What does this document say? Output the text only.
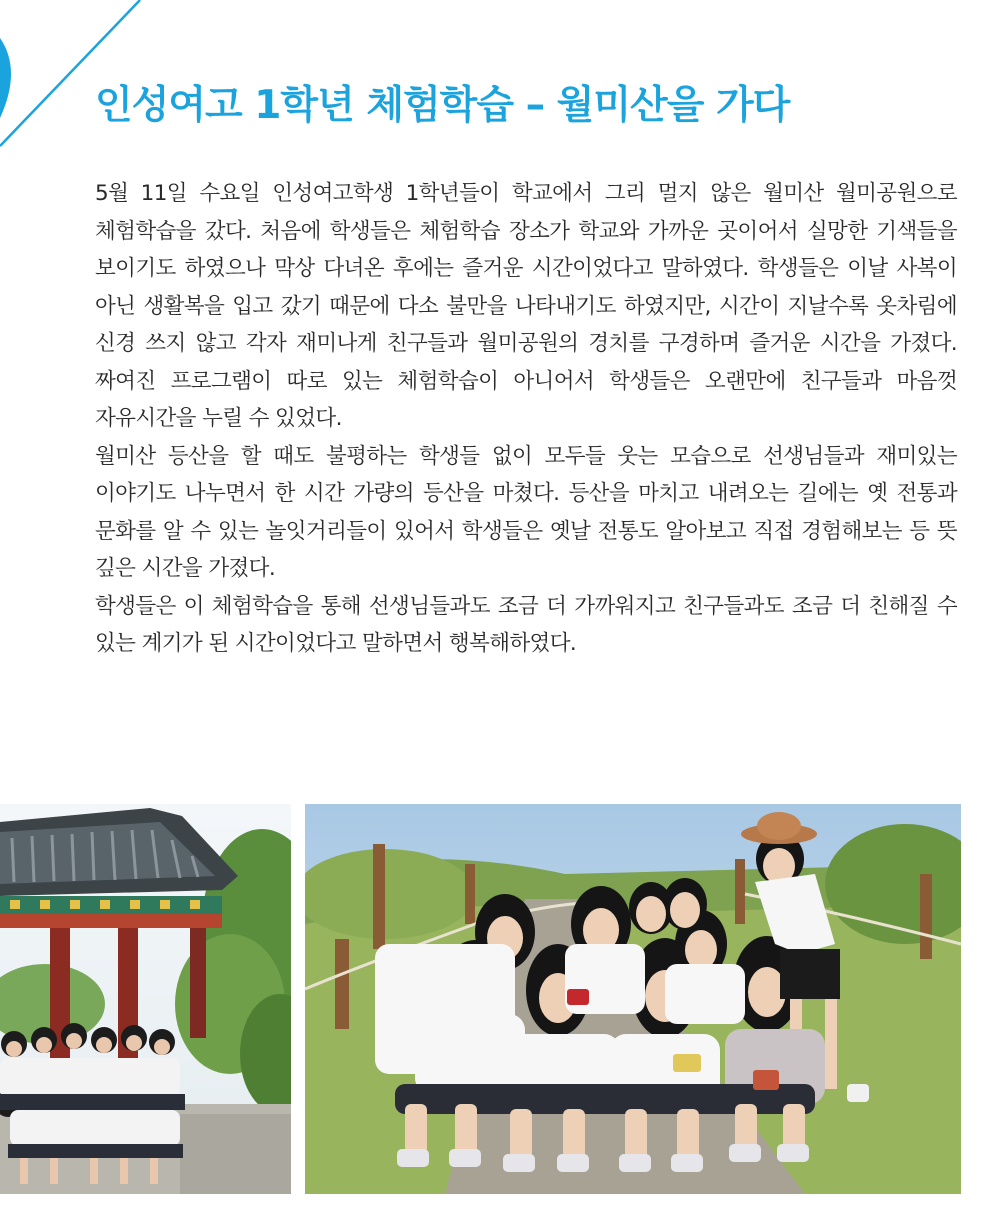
인성여고 1학년 체험학습 – 월미산을 가다

5월 11일 수요일 인성여고학생 1학년들이 학교에서 그리 멀지 않은 월미산 월미공원으로 체험학습을 갔다. 처음에 학생들은 체험학습 장소가 학교와 가까운 곳이어서 실망한 기색들을 보이기도 하였으나 막상 다녀온 후에는 즐거운 시간이었다고 말하였다. 학생들은 이날 사복이 아닌 생활복을 입고 갔기 때문에 다소 불만을 나타내기도 하였지만, 시간이 지날수록 옷차림에 신경 쓰지 않고 각자 재미나게 친구들과 월미공원의 경치를 구경하며 즐거운 시간을 가졌다. 짜여진 프로그램이 따로 있는 체험학습이 아니어서 학생들은 오랜만에 친구들과 마음껏 자유시간을 누릴 수 있었다.

월미산 등산을 할 때도 불평하는 학생들 없이 모두들 웃는 모습으로 선생님들과 재미있는 이야기도 나누면서 한 시간 가량의 등산을 마쳤다. 등산을 마치고 내려오는 길에는 옛 전통과 문화를 알 수 있는 놀잇거리들이 있어서 학생들은 옛날 전통도 알아보고 직접 경험해보는 등 뜻 깊은 시간을 가졌다.

학생들은 이 체험학습을 통해 선생님들과도 조금 더 가까워지고 친구들과도 조금 더 친해질 수 있는 계기가 된 시간이었다고 말하면서 행복해하였다.
